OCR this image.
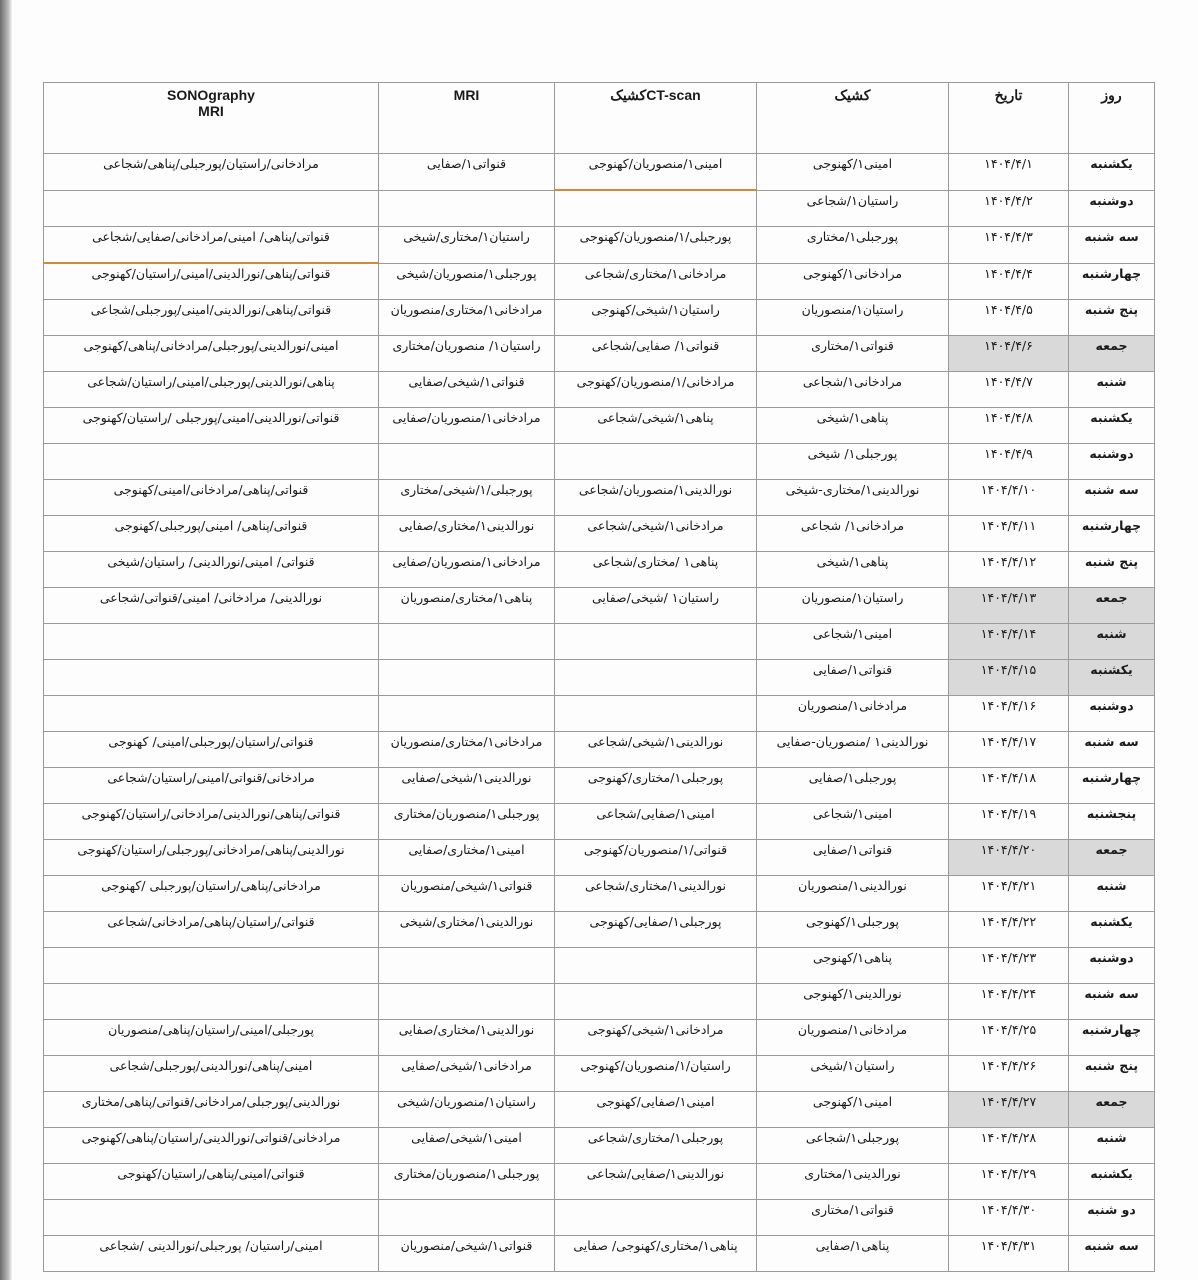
روز	تاریخ	کشیک	CT-scanکشیک	MRI	SONOgraphy
MRI

یکشنبه	۱۴۰۴/۴/۱	امینی۱/کهنوجی	امینی۱/منصوریان/کهنوجی	قنواتی۱/صفایی	مرادخانی/راستیان/پورجبلی/پناهی/شجاعی
دوشنبه	۱۴۰۴/۴/۲	راستیان۱/شجاعی			
سه شنبه	۱۴۰۴/۴/۳	پورجبلی۱/مختاری	پورجبلی/۱/منصوریان/کهنوجی	راستیان۱/مختاری/شیخی	قنواتی/پناهی/ امینی/مرادخانی/صفایی/شجاعی
چهارشنبه	۱۴۰۴/۴/۴	مرادخانی۱/کهنوجی	مرادخانی۱/مختاری/شجاعی	پورجبلی۱/منصوریان/شیخی	قنواتی/پناهی/نورالدینی/امینی/راستیان/کهنوجی
پنج شنبه	۱۴۰۴/۴/۵	راستیان۱/منصوریان	راستیان۱/شیخی/کهنوجی	مرادخانی۱/مختاری/منصوریان	قنواتی/پناهی/نورالدینی/امینی/پورجبلی/شجاعی
جمعه	۱۴۰۴/۴/۶	قنواتی۱/مختاری	قنواتی۱/ صفایی/شجاعی	راستیان۱/ منصوریان/مختاری	امینی/نورالدینی/پورجبلی/مرادخانی/پناهی/کهنوجی
شنبه	۱۴۰۴/۴/۷	مرادخانی۱/شجاعی	مرادخانی/۱/منصوریان/کهنوجی	قنواتی۱/شیخی/صفایی	پناهی/نورالدینی/پورجبلی/امینی/راستیان/شجاعی
یکشنبه	۱۴۰۴/۴/۸	پناهی۱/شیخی	پناهی۱/شیخی/شجاعی	مرادخانی۱/منصوریان/صفایی	قنواتی/نورالدینی/امینی/پورجبلی /راستیان/کهنوجی
دوشنبه	۱۴۰۴/۴/۹	پورجبلی۱/ شیخی			
سه شنبه	۱۴۰۴/۴/۱۰	نورالدینی۱/مختاری-شیخی	نورالدینی۱/منصوریان/شجاعی	پورجبلی/۱/شیخی/مختاری	قنواتی/پناهی/مرادخانی/امینی/کهنوجی
چهارشنبه	۱۴۰۴/۴/۱۱	مرادخانی۱/ شجاعی	مرادخانی۱/شیخی/شجاعی	نورالدینی۱/مختاری/صفایی	قنواتی/پناهی/ امینی/پورجبلی/کهنوجی
پنج شنبه	۱۴۰۴/۴/۱۲	پناهی۱/شیخی	پناهی۱ /مختاری/شجاعی	مرادخانی۱/منصوریان/صفایی	قنواتی/ امینی/نورالدینی/ راستیان/شیخی
جمعه	۱۴۰۴/۴/۱۳	راستیان۱/منصوریان	راستیان۱ /شیخی/صفایی	پناهی۱/مختاری/منصوریان	نورالدینی/ مرادخانی/ امینی/قنواتی/شجاعی
شنبه	۱۴۰۴/۴/۱۴	امینی۱/شجاعی			
یکشنبه	۱۴۰۴/۴/۱۵	قنواتی۱/صفایی			
دوشنبه	۱۴۰۴/۴/۱۶	مرادخانی۱/منصوریان			
سه شنبه	۱۴۰۴/۴/۱۷	نورالدینی۱ /منصوریان-صفایی	نورالدینی۱/شیخی/شجاعی	مرادخانی۱/مختاری/منصوریان	قنواتی/راستیان/پورجبلی/امینی/ کهنوجی
چهارشنبه	۱۴۰۴/۴/۱۸	پورجبلی۱/صفایی	پورجبلی۱/مختاری/کهنوجی	نورالدینی۱/شیخی/صفایی	مرادخانی/قنواتی/امینی/راستیان/شجاعی
پنجشنبه	۱۴۰۴/۴/۱۹	امینی۱/شجاعی	امینی۱/صفایی/شجاعی	پورجبلی۱/منصوریان/مختاری	قنواتی/پناهی/نورالدینی/مرادخانی/راستیان/کهنوجی
جمعه	۱۴۰۴/۴/۲۰	قنواتی۱/صفایی	قنواتی/۱/منصوریان/کهنوجی	امینی۱/مختاری/صفایی	نورالدینی/پناهی/مرادخانی/پورجبلی/راستیان/کهنوجی
شنبه	۱۴۰۴/۴/۲۱	نورالدینی۱/منصوریان	نورالدینی۱/مختاری/شجاعی	قنواتی۱/شیخی/منصوریان	مرادخانی/پناهی/راستیان/پورجبلی /کهنوجی
یکشنبه	۱۴۰۴/۴/۲۲	پورجبلی۱/کهنوجی	پورجبلی۱/صفایی/کهنوجی	نورالدینی۱/مختاری/شیخی	قنواتی/راستیان/پناهی/مرادخانی/شجاعی
دوشنبه	۱۴۰۴/۴/۲۳	پناهی۱/کهنوجی			
سه شنبه	۱۴۰۴/۴/۲۴	نورالدینی۱/کهنوجی			
چهارشنبه	۱۴۰۴/۴/۲۵	مرادخانی۱/منصوریان	مرادخانی۱/شیخی/کهنوجی	نورالدینی۱/مختاری/صفایی	پورجبلی/امینی/راستیان/پناهی/منصوریان
پنج شنبه	۱۴۰۴/۴/۲۶	راستیان۱/شیخی	راستیان/۱/منصوریان/کهنوجی	مرادخانی۱/شیخی/صفایی	امینی/پناهی/نورالدینی/پورجبلی/شجاعی
جمعه	۱۴۰۴/۴/۲۷	امینی۱/کهنوجی	امینی۱/صفایی/کهنوجی	راستیان۱/منصوریان/شیخی	نورالدینی/پورجبلی/مرادخانی/قنواتی/پناهی/مختاری
شنبه	۱۴۰۴/۴/۲۸	پورجبلی۱/شجاعی	پورجبلی۱/مختاری/شجاعی	امینی۱/شیخی/صفایی	مرادخانی/قنواتی/نورالدینی/راستیان/پناهی/کهنوجی
یکشنبه	۱۴۰۴/۴/۲۹	نورالدینی۱/مختاری	نورالدینی۱/صفایی/شجاعی	پورجبلی۱/منصوریان/مختاری	قنواتی/امینی/پناهی/راستیان/کهنوجی
دو شنبه	۱۴۰۴/۴/۳۰	قنواتی۱/مختاری			
سه شنبه	۱۴۰۴/۴/۳۱	پناهی۱/صفایی	پناهی۱/مختاری/کهنوجی/ صفایی	قنواتی۱/شیخی/منصوریان	امینی/راستیان/ پورجبلی/نورالدینی /شجاعی
